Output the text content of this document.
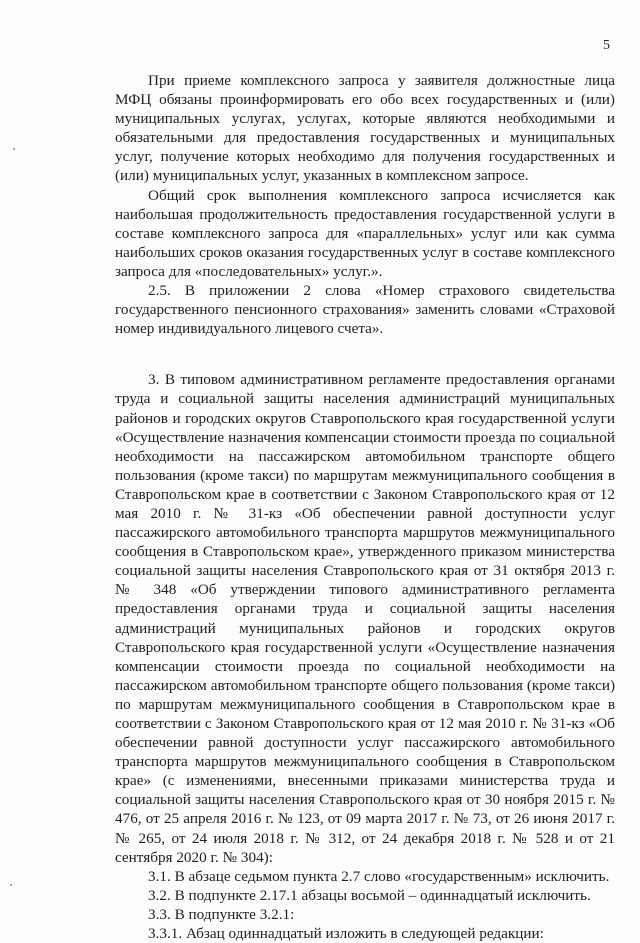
5

При приеме комплексного запроса у заявителя должностные лица МФЦ обязаны проинформировать его обо всех государственных и (или) муниципальных услугах, услугах, которые являются необходимыми и обязательными для предоставления государственных и муниципальных услуг, получение которых необходимо для получения государственных и (или) муниципальных услуг, указанных в комплексном запросе.

Общий срок выполнения комплексного запроса исчисляется как наибольшая продолжительность предоставления государственной услуги в составе комплексного запроса для «параллельных» услуг или как сумма наибольших сроков оказания государственных услуг в составе комплексного запроса для «последовательных» услуг.».

2.5. В приложении 2 слова «Номер страхового свидетельства государственного пенсионного страхования» заменить словами «Страховой номер индивидуального лицевого счета».

3. В типовом административном регламенте предоставления органами труда и социальной защиты населения администраций муниципальных районов и городских округов Ставропольского края государственной услуги «Осуществление назначения компенсации стоимости проезда по социальной необходимости на пассажирском автомобильном транспорте общего пользования (кроме такси) по маршрутам межмуниципального сообщения в Ставропольском крае в соответствии с Законом Ставропольского края от 12 мая 2010 г. № 31-кз «Об обеспечении равной доступности услуг пассажирского автомобильного транспорта маршрутов межмуниципального сообщения в Ставропольском крае», утвержденного приказом министерства социальной защиты населения Ставропольского края от 31 октября 2013 г. № 348 «Об утверждении типового административного регламента предоставления органами труда и социальной защиты населения администраций муниципальных районов и городских округов Ставропольского края государственной услуги «Осуществление назначения компенсации стоимости проезда по социальной необходимости на пассажирском автомобильном транспорте общего пользования (кроме такси) по маршрутам межмуниципального сообщения в Ставропольском крае в соответствии с Законом Ставропольского края от 12 мая 2010 г. № 31-кз «Об обеспечении равной доступности услуг пассажирского автомобильного транспорта маршрутов межмуниципального сообщения в Ставропольском крае» (с изменениями, внесенными приказами министерства труда и социальной защиты населения Ставропольского края от 30 ноября 2015 г. № 476, от 25 апреля 2016 г. № 123, от 09 марта 2017 г. № 73, от 26 июня 2017 г. № 265, от 24 июля 2018 г. № 312, от 24 декабря 2018 г. № 528 и от 21 сентября 2020 г. № 304):

3.1. В абзаце седьмом пункта 2.7 слово «государственным» исключить.

3.2. В подпункте 2.17.1 абзацы восьмой – одиннадцатый исключить.

3.3. В подпункте 3.2.1:

3.3.1. Абзац одиннадцатый изложить в следующей редакции:
